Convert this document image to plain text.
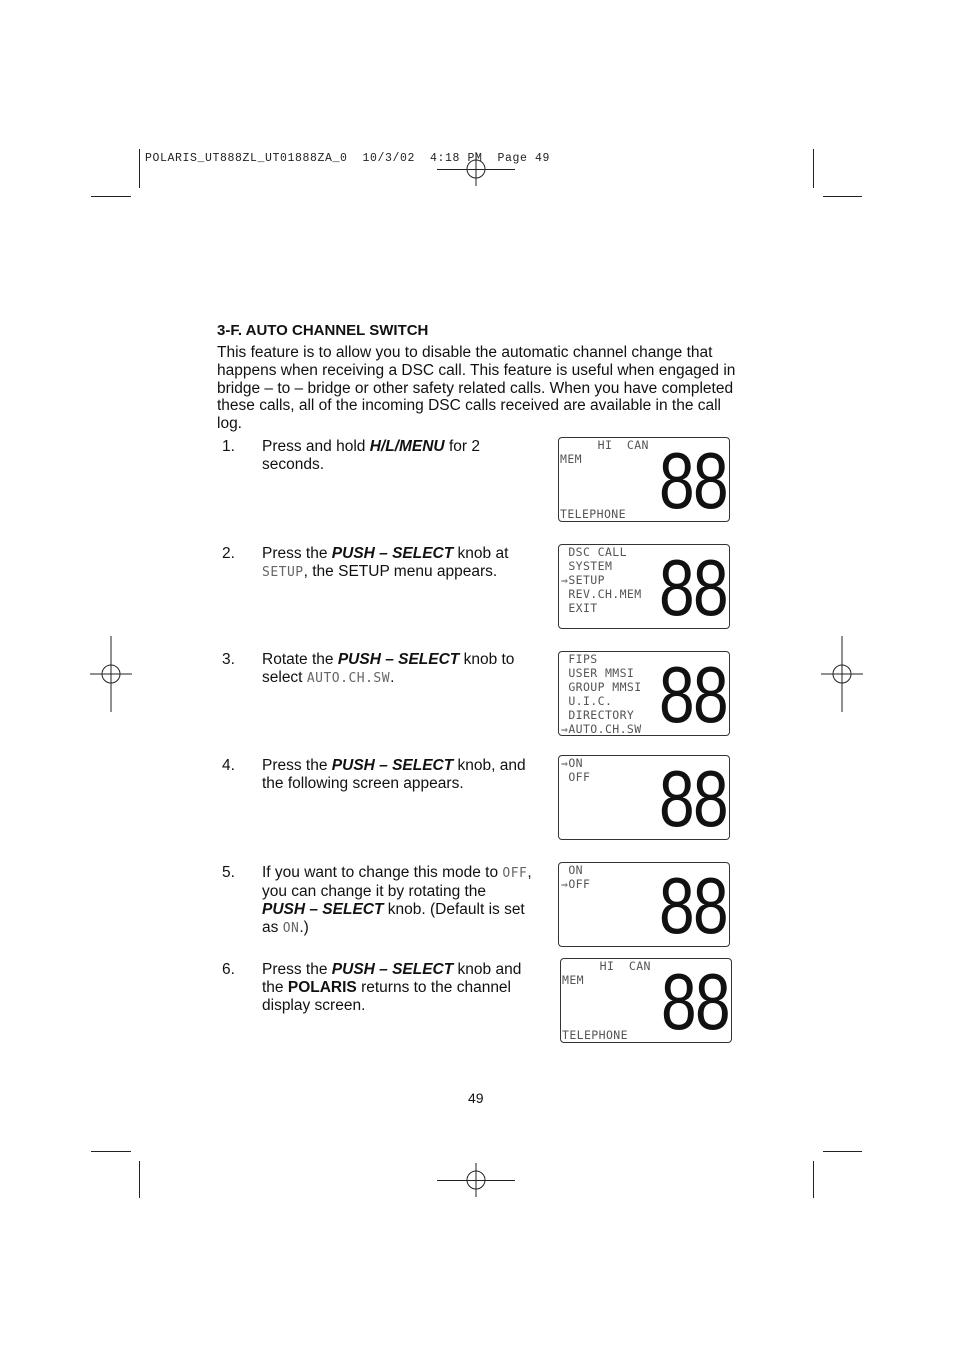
POLARIS_UT888ZL_UT01888ZA_0  10/3/02  4:18 PM  Page 49
3-F. AUTO CHANNEL SWITCH

This feature is to allow you to disable the automatic channel change that happens when receiving a DSC call. This feature is useful when engaged in bridge – to – bridge or other safety related calls. When you have completed these calls, all of the incoming DSC calls received are available in the call log.

1. Press and hold H/L/MENU for 2 seconds.
2. Press the PUSH – SELECT knob at SETUP, the SETUP menu appears.
3. Rotate the PUSH – SELECT knob to select AUTO.CH.SW.
4. Press the PUSH – SELECT knob, and the following screen appears.
5. If you want to change this mode to OFF, you can change it by rotating the PUSH – SELECT knob. (Default is set as ON.)
6. Press the PUSH – SELECT knob and the POLARIS returns to the channel display screen.
HI  CAN
MEM
TELEPHONE 88
DSC CALL
SYSTEM
⇒SETUP
REV.CH.MEM
EXIT 88
FIPS
USER MMSI
GROUP MMSI
U.I.C.
DIRECTORY
⇒AUTO.CH.SW 88
⇒ON
OFF 88
ON
⇒OFF 88
HI  CAN
MEM
TELEPHONE 88
49
